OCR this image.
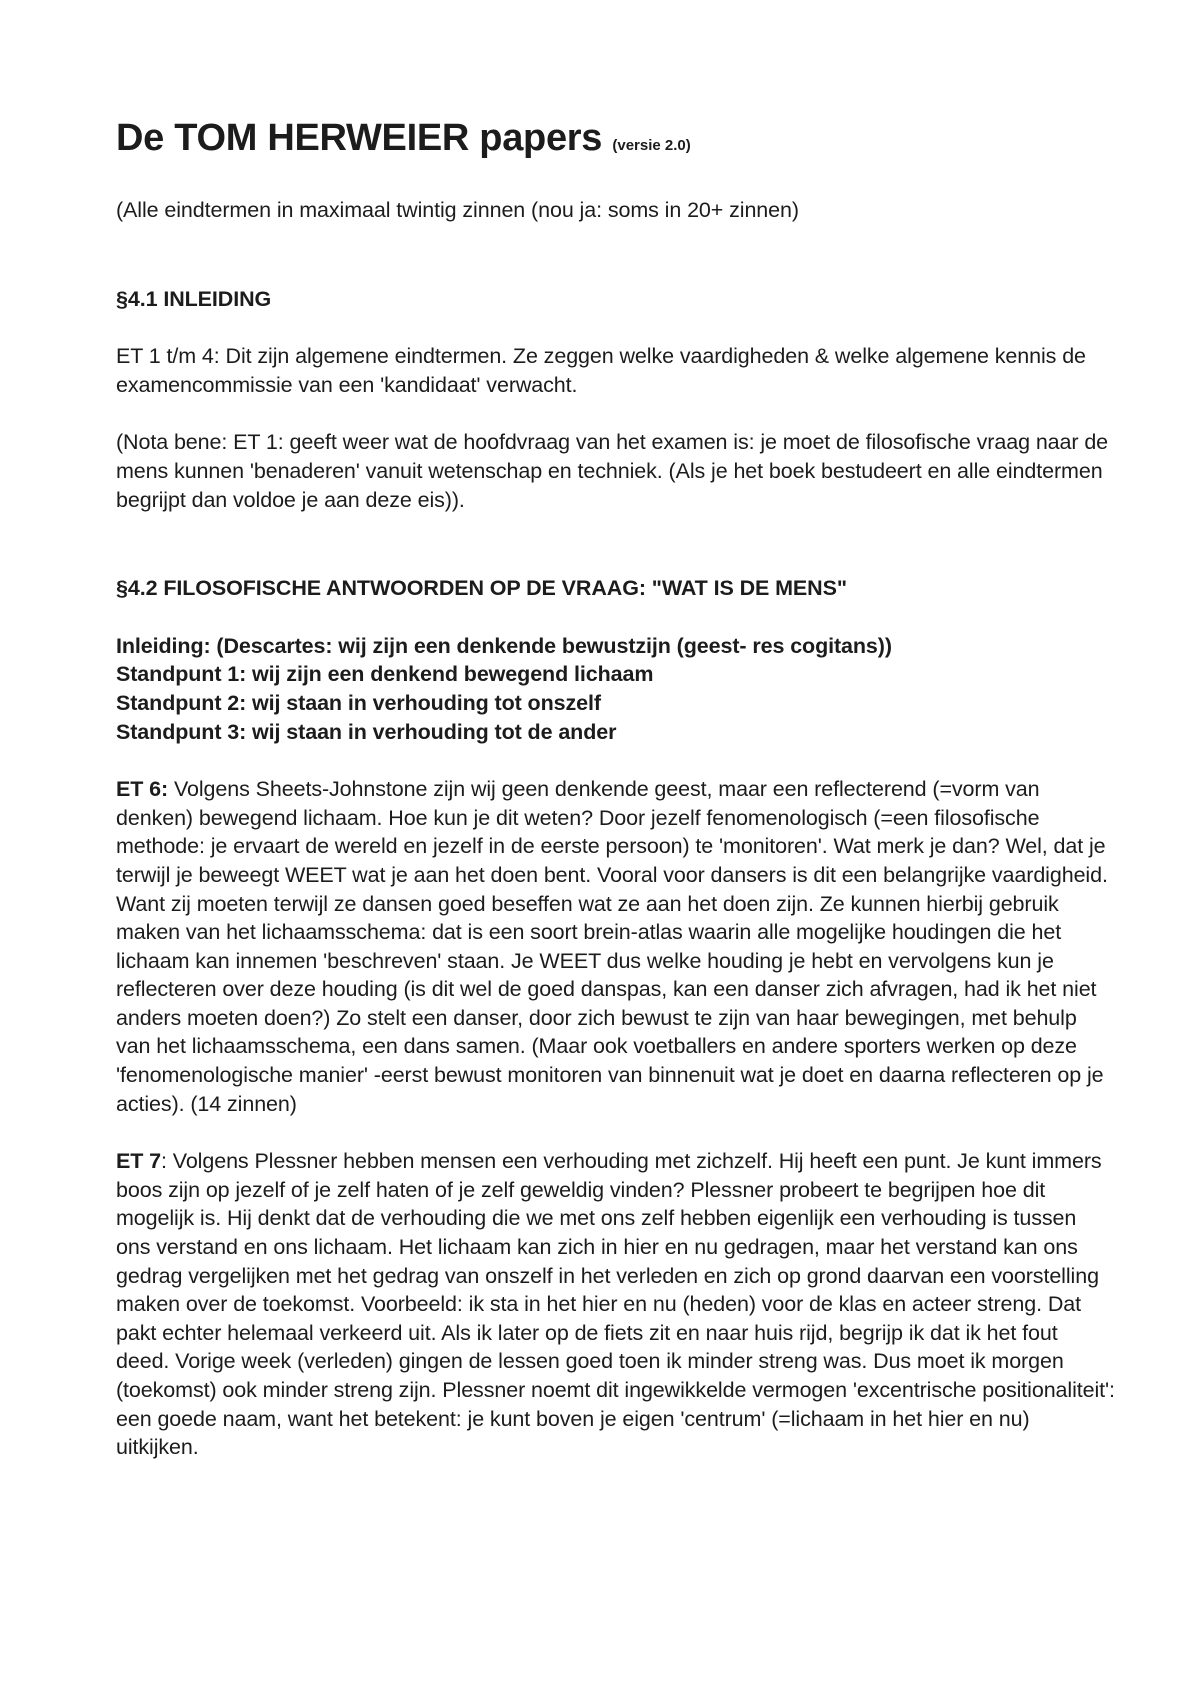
De TOM HERWEIER papers (versie 2.0)

(Alle eindtermen in maximaal twintig zinnen (nou ja: soms in 20+ zinnen)

§4.1 INLEIDING

ET 1 t/m 4: Dit zijn algemene eindtermen. Ze zeggen welke vaardigheden & welke algemene kennis de examencommissie van een 'kandidaat' verwacht.

(Nota bene: ET 1: geeft weer wat de hoofdvraag van het examen is: je moet de filosofische vraag naar de mens kunnen 'benaderen' vanuit wetenschap en techniek. (Als je het boek bestudeert en alle eindtermen begrijpt dan voldoe je aan deze eis)).

§4.2 FILOSOFISCHE ANTWOORDEN OP DE VRAAG: "WAT IS DE MENS"

Inleiding: (Descartes: wij zijn een denkende bewustzijn (geest- res cogitans))

Standpunt 1: wij zijn een denkend bewegend lichaam

Standpunt 2: wij staan in verhouding tot onszelf

Standpunt 3: wij staan in verhouding tot de ander

ET 6: Volgens Sheets-Johnstone zijn wij geen denkende geest, maar een reflecterend (=vorm van denken) bewegend lichaam. Hoe kun je dit weten? Door jezelf fenomenologisch (=een filosofische methode: je ervaart de wereld en jezelf in de eerste persoon) te 'monitoren'. Wat merk je dan? Wel, dat je terwijl je beweegt WEET wat je aan het doen bent. Vooral voor dansers is dit een belangrijke vaardigheid. Want zij moeten terwijl ze dansen goed beseffen wat ze aan het doen zijn. Ze kunnen hierbij gebruik maken van het lichaamsschema: dat is een soort brein-atlas waarin alle mogelijke houdingen die het lichaam kan innemen 'beschreven' staan. Je WEET dus welke houding je hebt en vervolgens kun je reflecteren over deze houding (is dit wel de goed danspas, kan een danser zich afvragen, had ik het niet anders moeten doen?) Zo stelt een danser, door zich bewust te zijn van haar bewegingen, met behulp van het lichaamsschema, een dans samen. (Maar ook voetballers en andere sporters werken op deze 'fenomenologische manier' -eerst bewust monitoren van binnenuit wat je doet en daarna reflecteren op je acties). (14 zinnen)

ET 7: Volgens Plessner hebben mensen een verhouding met zichzelf. Hij heeft een punt. Je kunt immers boos zijn op jezelf of je zelf haten of je zelf geweldig vinden? Plessner probeert te begrijpen hoe dit mogelijk is. Hij denkt dat de verhouding die we met ons zelf hebben eigenlijk een verhouding is tussen ons verstand en ons lichaam. Het lichaam kan zich in hier en nu gedragen, maar het verstand kan ons gedrag vergelijken met het gedrag van onszelf in het verleden en zich op grond daarvan een voorstelling maken over de toekomst. Voorbeeld: ik sta in het hier en nu (heden) voor de klas en acteer streng. Dat pakt echter helemaal verkeerd uit. Als ik later op de fiets zit en naar huis rijd, begrijp ik dat ik het fout deed. Vorige week (verleden) gingen de lessen goed toen ik minder streng was. Dus moet ik morgen (toekomst) ook minder streng zijn. Plessner noemt dit ingewikkelde vermogen 'excentrische positionaliteit': een goede naam, want het betekent: je kunt boven je eigen 'centrum' (=lichaam in het hier en nu) uitkijken.
